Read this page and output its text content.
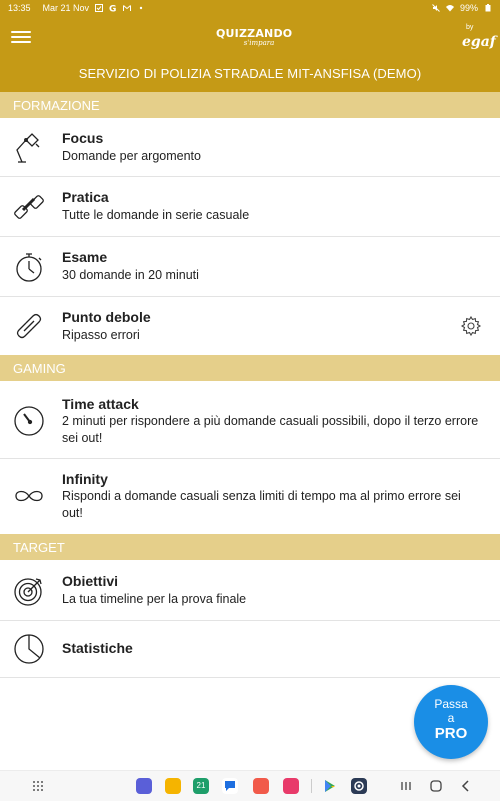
13:35 Mar 21 Nov G	99%
QUIZZANDO
s'impara
by
egaf
SERVIZIO DI POLIZIA STRADALE MIT-ANSFISA (DEMO)
FORMAZIONE
Focus
Domande per argomento
Pratica
Tutte le domande in serie casuale
Esame
30 domande in 20 minuti
Punto debole
Ripasso errori
GAMING
Time attack
2 minuti per rispondere a più domande casuali possibili, dopo il terzo errore sei out!
Infinity
Rispondi a domande casuali senza limiti di tempo ma al primo errore sei out!
TARGET
Obiettivi
La tua timeline per la prova finale
Statistiche
Passa
a
PRO
21
